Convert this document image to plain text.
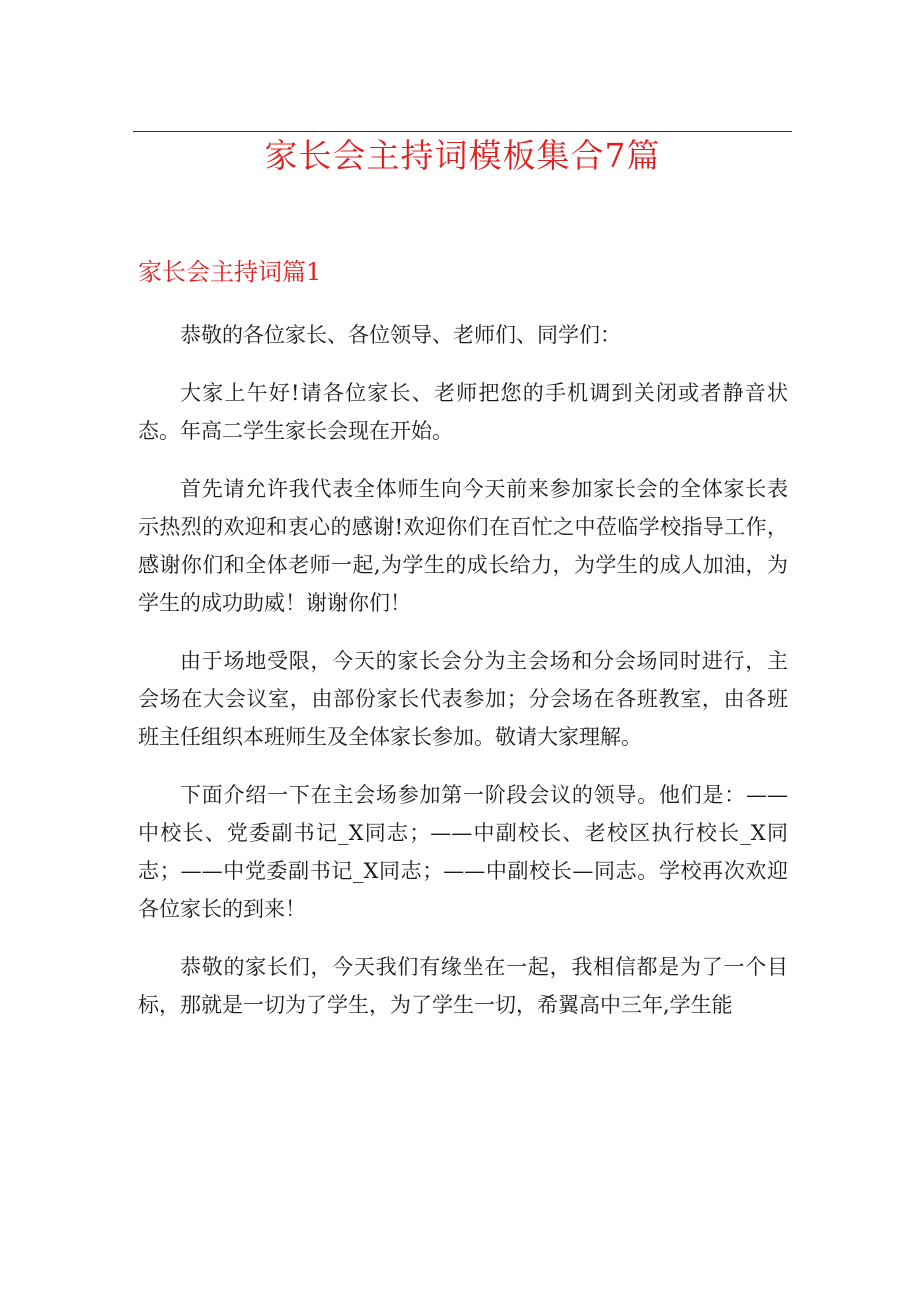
家长会主持词模板集合7篇
家长会主持词篇1

恭敬的各位家长、各位领导、老师们、同学们：

大家上午好!请各位家长、老师把您的手机调到关闭或者静音状态。年高二学生家长会现在开始。

首先请允许我代表全体师生向今天前来参加家长会的全体家长表示热烈的欢迎和衷心的感谢!欢迎你们在百忙之中莅临学校指导工作，感谢你们和全体老师一起,为学生的成长给力，为学生的成人加油，为学生的成功助威！谢谢你们！

由于场地受限，今天的家长会分为主会场和分会场同时进行，主会场在大会议室，由部份家长代表参加；分会场在各班教室，由各班班主任组织本班师生及全体家长参加。敬请大家理解。

下面介绍一下在主会场参加第一阶段会议的领导。他们是：——中校长、党委副书记_X同志；——中副校长、老校区执行校长_X同志；——中党委副书记_X同志；——中副校长—同志。学校再次欢迎各位家长的到来！

恭敬的家长们，今天我们有缘坐在一起，我相信都是为了一个目标，那就是一切为了学生，为了学生一切，希翼高中三年,学生能
